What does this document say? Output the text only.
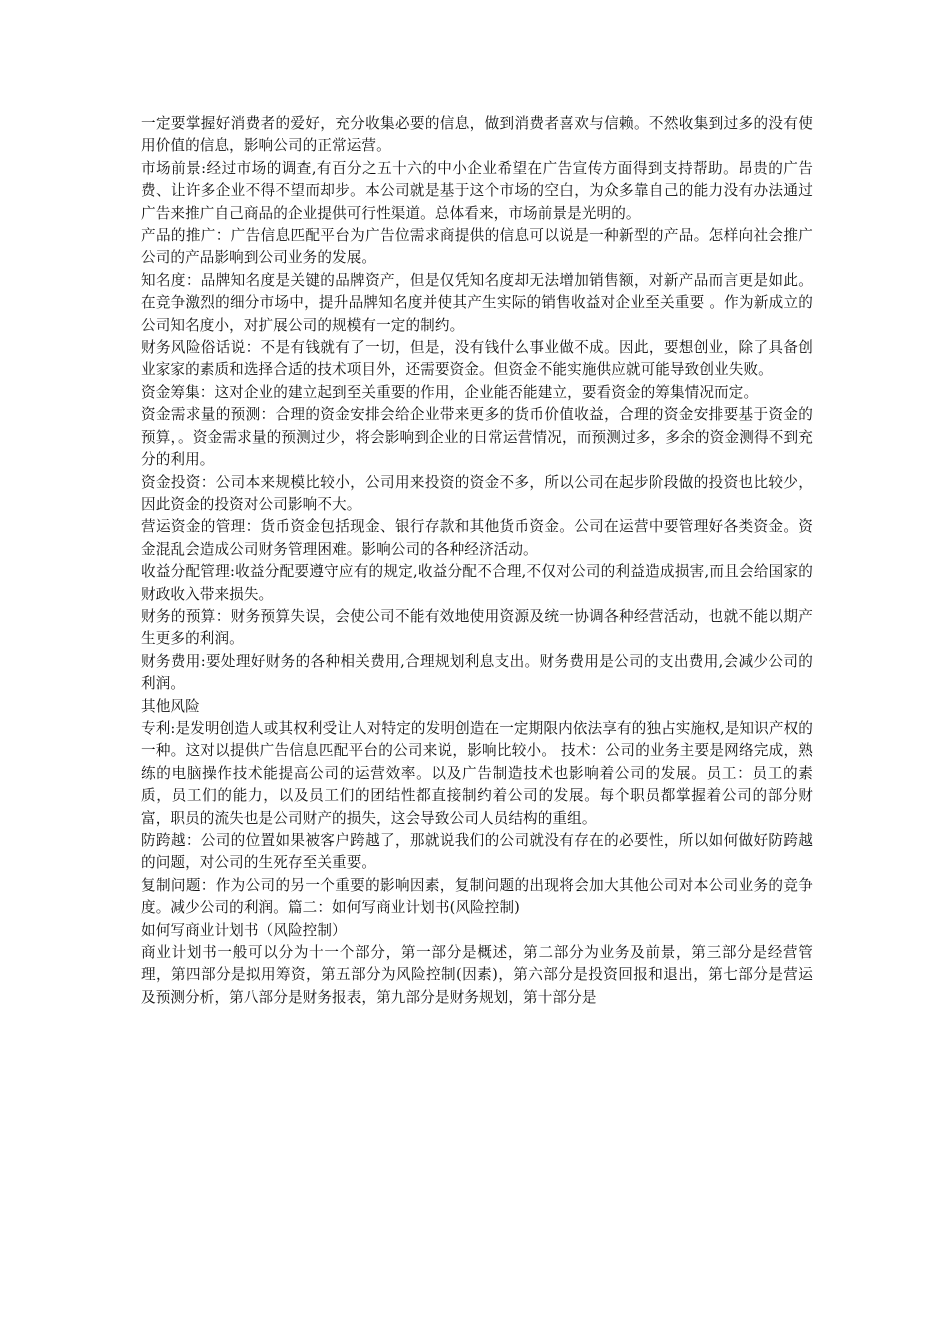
一定要掌握好消费者的爱好，充分收集必要的信息，做到消费者喜欢与信赖。不然收集到过多的没有使用价值的信息，影响公司的正常运营。

市场前景:经过市场的调查,有百分之五十六的中小企业希望在广告宣传方面得到支持帮助。昂贵的广告费、让许多企业不得不望而却步。本公司就是基于这个市场的空白，为众多靠自己的能力没有办法通过广告来推广自己商品的企业提供可行性渠道。总体看来，市场前景是光明的。

产品的推广：广告信息匹配平台为广告位需求商提供的信息可以说是一种新型的产品。怎样向社会推广公司的产品影响到公司业务的发展。

知名度：品牌知名度是关键的品牌资产，但是仅凭知名度却无法增加销售额，对新产品而言更是如此。在竞争激烈的细分市场中，提升品牌知名度并使其产生实际的销售收益对企业至关重要 。作为新成立的公司知名度小，对扩展公司的规模有一定的制约。

财务风险俗话说：不是有钱就有了一切，但是，没有钱什么事业做不成。因此，要想创业，除了具备创业家家的素质和选择合适的技术项目外，还需要资金。但资金不能实施供应就可能导致创业失败。

资金筹集：这对企业的建立起到至关重要的作用，企业能否能建立，要看资金的筹集情况而定。

资金需求量的预测：合理的资金安排会给企业带来更多的货币价值收益，合理的资金安排要基于资金的预算，。资金需求量的预测过少，将会影响到企业的日常运营情况，而预测过多，多余的资金测得不到充分的利用。

资金投资：公司本来规模比较小，公司用来投资的资金不多，所以公司在起步阶段做的投资也比较少，因此资金的投资对公司影响不大。

营运资金的管理：货币资金包括现金、银行存款和其他货币资金。公司在运营中要管理好各类资金。资金混乱会造成公司财务管理困难。影响公司的各种经济活动。

收益分配管理:收益分配要遵守应有的规定,收益分配不合理,不仅对公司的利益造成损害,而且会给国家的财政收入带来损失。

财务的预算：财务预算失误，会使公司不能有效地使用资源及统一协调各种经营活动，也就不能以期产生更多的利润。

财务费用:要处理好财务的各种相关费用,合理规划利息支出。财务费用是公司的支出费用,会减少公司的利润。

其他风险

专利:是发明创造人或其权利受让人对特定的发明创造在一定期限内依法享有的独占实施权,是知识产权的一种。这对以提供广告信息匹配平台的公司来说，影响比较小。 技术：公司的业务主要是网络完成，熟练的电脑操作技术能提高公司的运营效率。以及广告制造技术也影响着公司的发展。员工：员工的素质，员工们的能力，以及员工们的团结性都直接制约着公司的发展。每个职员都掌握着公司的部分财富，职员的流失也是公司财产的损失，这会导致公司人员结构的重组。

防跨越：公司的位置如果被客户跨越了，那就说我们的公司就没有存在的必要性，所以如何做好防跨越的问题，对公司的生死存至关重要。

复制问题：作为公司的另一个重要的影响因素，复制问题的出现将会加大其他公司对本公司业务的竞争度。减少公司的利润。篇二：如何写商业计划书(风险控制)

如何写商业计划书（风险控制）

商业计划书一般可以分为十一个部分，第一部分是概述，第二部分为业务及前景，第三部分是经营管理，第四部分是拟用筹资，第五部分为风险控制(因素)，第六部分是投资回报和退出，第七部分是营运及预测分析，第八部分是财务报表，第九部分是财务规划，第十部分是
